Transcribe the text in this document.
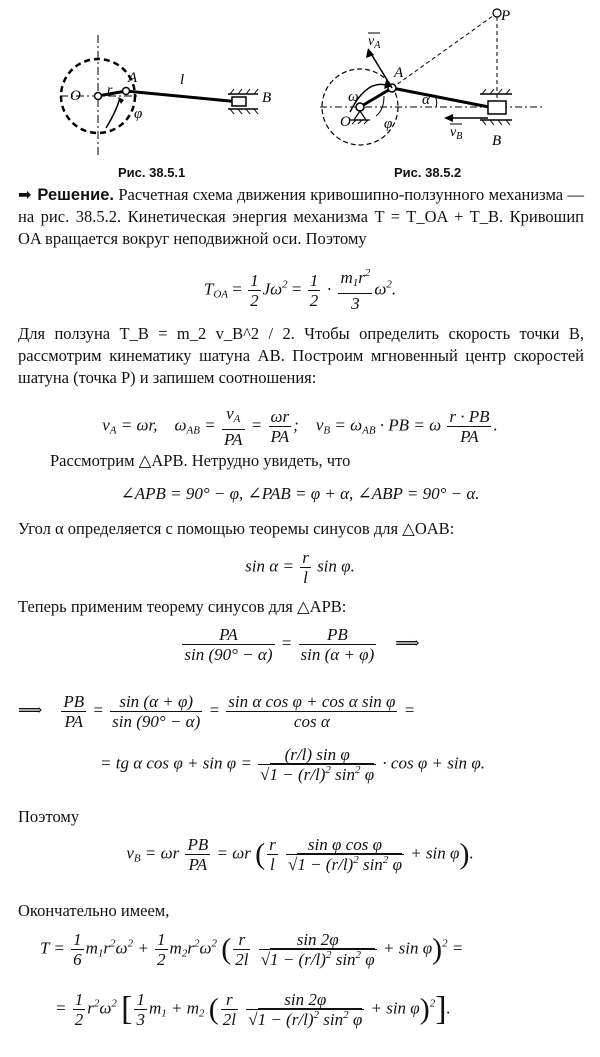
O r
A	l
B
φ
Рис. 38.5.1
P
$v_A$
A
ω
O φ
α
$v_B$ B
Рис. 38.5.2
➡ Решение. Расчетная схема движения кривошипно-ползунного механизма — на рис. 38.5.2. Кинетическая энергия механизма T = T_OA + T_B. Кривошип OA вращается вокруг неподвижной оси. Поэтому
$T_{OA} = \frac{1}{2} J\omega^2 = \frac{1}{2} \cdot \frac{m_1r^2}{3} \omega^2$.
Для ползуна T_B = m_2 v_B^2 / 2. Чтобы определить скорость точки B, рассмотрим кинематику шатуна AB. Построим мгновенный центр скоростей шатуна (точка P) и запишем соотношения:
$v_A = \omega r$,    $\omega_{AB} = \frac{v_A}{PA} = \frac{\omega r}{PA}$ ;    $v_B = \omega_{AB}$ · PB = ω $\frac{r \cdot PB}{PA}$ .
Рассмотрим △APB. Нетрудно увидеть, что
∠APB = 90° − φ, ∠PAB = φ + α, ∠ABP = 90° − α.
Угол α определяется с помощью теоремы синусов для △OAB:
$\sin \alpha = \frac{r}{l}$ sin φ.
Теперь применим теорему синусов для △APB:
$\frac{PA}{\sin (90^\circ - \alpha)} = \frac{PB}{\sin (\alpha + \varphi)}$ ⟹
⟹ $\frac{PB}{PA} = \frac{\sin (\alpha + \varphi)}{\sin (90^\circ - \alpha)} = \frac{\text{sin α cos φ + cos α sin φ}}{\text{cos α}}$ =
= tg α $\cos \varphi + \sin \varphi = \frac{\text{(r/l) sin φ}}{√1 - (r/l)^2 \sin^2 \varphi} \cdot \cos \varphi + \sin \varphi$.
Поэтому
$v_B = \omega r \frac{PB}{PA} = \omega r$ ( $\frac{r}{l}$
$\frac{\text{sin φ cos φ}}{√1 - (r/l)^2 \sin^2 \varphi} + \sin \varphi$).
Окончательно имеем,
$T = \frac{1}{6} m_1r^2\omega^2 + \frac{1}{2} m_2r^2\omega^2$ ( $\frac{r}{2l}$
$\frac{\sin 2\varphi}{√1 - (r/l)^2 \sin^2 \varphi} + \sin \varphi)^2$ =
= $\frac{1}{2} r^2\omega^2$ [ $\frac{1}{3} m_1 + m_2$ ( $\frac{r}{2l}$
$\frac{\sin 2\varphi}{√1 - (r/l)^2 \sin^2 \varphi} + \sin \varphi)^2$].
